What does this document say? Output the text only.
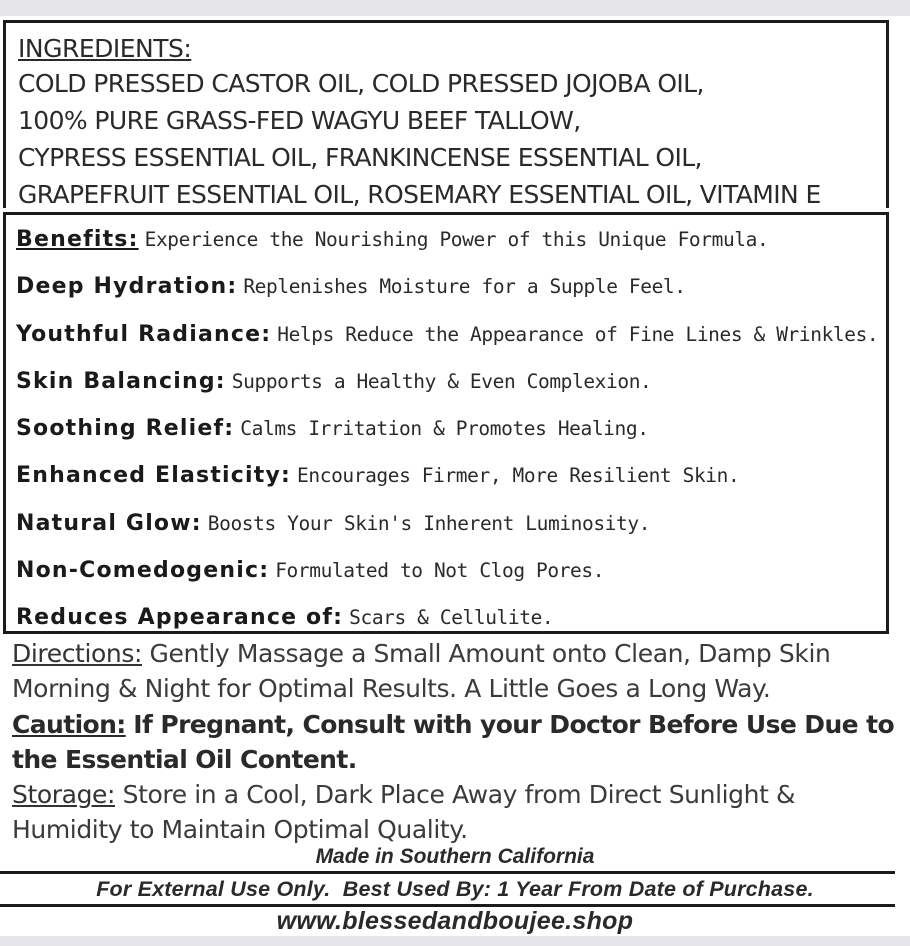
INGREDIENTS:
COLD PRESSED CASTOR OIL, COLD PRESSED JOJOBA OIL,
100% PURE GRASS-FED WAGYU BEEF TALLOW,
CYPRESS ESSENTIAL OIL, FRANKINCENSE ESSENTIAL OIL,
GRAPEFRUIT ESSENTIAL OIL, ROSEMARY ESSENTIAL OIL, VITAMIN E
Benefits: Experience the Nourishing Power of this Unique Formula.
Deep Hydration: Replenishes Moisture for a Supple Feel.
Youthful Radiance: Helps Reduce the Appearance of Fine Lines & Wrinkles.
Skin Balancing: Supports a Healthy & Even Complexion.
Soothing Relief: Calms Irritation & Promotes Healing.
Enhanced Elasticity: Encourages Firmer, More Resilient Skin.
Natural Glow: Boosts Your Skin's Inherent Luminosity.
Non-Comedogenic: Formulated to Not Clog Pores.
Reduces Appearance of: Scars & Cellulite.
Directions: Gently Massage a Small Amount onto Clean, Damp Skin Morning & Night for Optimal Results. A Little Goes a Long Way.
Caution: If Pregnant, Consult with your Doctor Before Use Due to the Essential Oil Content.
Storage: Store in a Cool, Dark Place Away from Direct Sunlight & Humidity to Maintain Optimal Quality.
Made in Southern California
For External Use Only.  Best Used By: 1 Year From Date of Purchase.
www.blessedandboujee.shop
